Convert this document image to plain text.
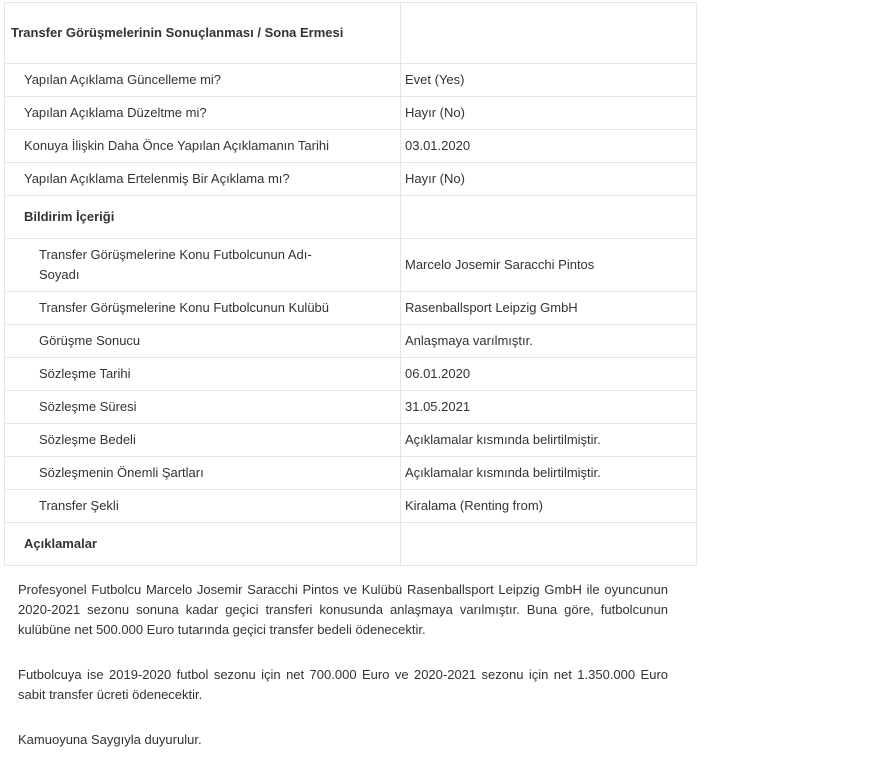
Transfer Görüşmelerinin Sonuçlanması / Sona Ermesi	
Yapılan Açıklama Güncelleme mi?	Evet (Yes)
Yapılan Açıklama Düzeltme mi?	Hayır (No)
Konuya İlişkin Daha Önce Yapılan Açıklamanın Tarihi	03.01.2020
Yapılan Açıklama Ertelenmiş Bir Açıklama mı?	Hayır (No)
Bildirim İçeriği	

Transfer Görüşmelerine Konu Futbolcunun Adı-Soyadı	Marcelo Josemir Saracchi Pintos
Transfer Görüşmelerine Konu Futbolcunun Kulübü	Rasenballsport Leipzig GmbH
Görüşme Sonucu	Anlaşmaya varılmıştır.
Sözleşme Tarihi	06.01.2020
Sözleşme Süresi	31.05.2021
Sözleşme Bedeli	Açıklamalar kısmında belirtilmiştir.
Sözleşmenin Önemli Şartları	Açıklamalar kısmında belirtilmiştir.
Transfer Şekli	Kiralama (Renting from)
Açıklamalar	

Profesyonel Futbolcu Marcelo Josemir Saracchi Pintos ve Kulübü Rasenballsport Leipzig GmbH ile oyuncunun 2020-2021 sezonu sonuna kadar geçici transferi konusunda anlaşmaya varılmıştır. Buna göre, futbolcunun kulübüne net 500.000 Euro tutarında geçici transfer bedeli ödenecektir.

Futbolcuya ise 2019-2020 futbol sezonu için net 700.000 Euro ve 2020-2021 sezonu için net 1.350.000 Euro sabit transfer ücreti ödenecektir.

Kamuoyuna Saygıyla duyurulur.
